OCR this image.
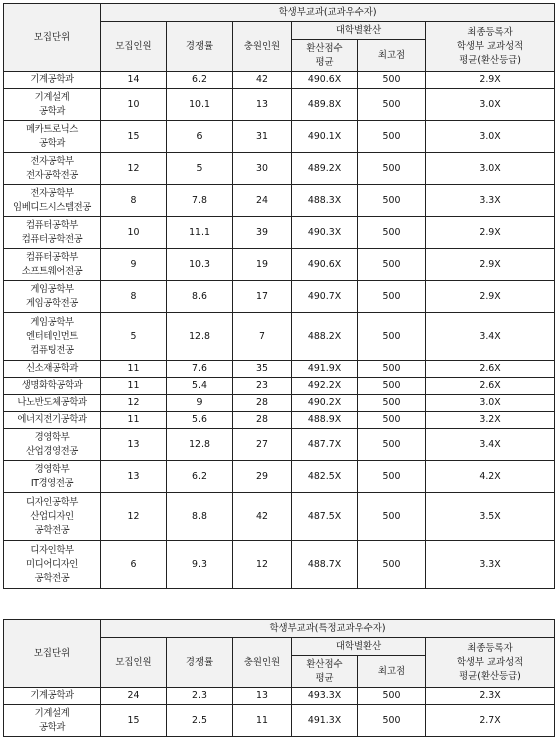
모집단위	학생부교과(교과우수자)					
	모집인원	경쟁률	충원인원	대학별환산		최종등록자
학생부 교과성적
평균(환산등급)
				환산점수
평균	최고점	
기계공학과	14	6.2	42	490.6X	500	2.9X
기계설계
공학과	10	10.1	13	489.8X	500	3.0X
메카트로닉스
공학과	15	6	31	490.1X	500	3.0X
전자공학부
전자공학전공	12	5	30	489.2X	500	3.0X
전자공학부
임베디드시스템전공	8	7.8	24	488.3X	500	3.3X
컴퓨터공학부
컴퓨터공학전공	10	11.1	39	490.3X	500	2.9X
컴퓨터공학부
소프트웨어전공	9	10.3	19	490.6X	500	2.9X
게임공학부
게임공학전공	8	8.6	17	490.7X	500	2.9X
게임공학부
엔터테인먼트
컴퓨팅전공	5	12.8	7	488.2X	500	3.4X
신소재공학과	11	7.6	35	491.9X	500	2.6X
생명화학공학과	11	5.4	23	492.2X	500	2.6X
나노반도체공학과	12	9	28	490.2X	500	3.0X
에너지전기공학과	11	5.6	28	488.9X	500	3.2X
경영학부
산업경영전공	13	12.8	27	487.7X	500	3.4X
경영학부
IT경영전공	13	6.2	29	482.5X	500	4.2X
디자인공학부
산업디자인
공학전공	12	8.8	42	487.5X	500	3.5X
디자인학부
미디어디자인
공학전공	6	9.3	12	488.7X	500	3.3X
모집단위	학생부교과(특정교과우수자)					
	모집인원	경쟁률	충원인원	대학별환산		최종등록자
학생부 교과성적
평균(환산등급)
				환산점수
평균	최고점	
기계공학과	24	2.3	13	493.3X	500	2.3X
기계설계
공학과	15	2.5	11	491.3X	500	2.7X
